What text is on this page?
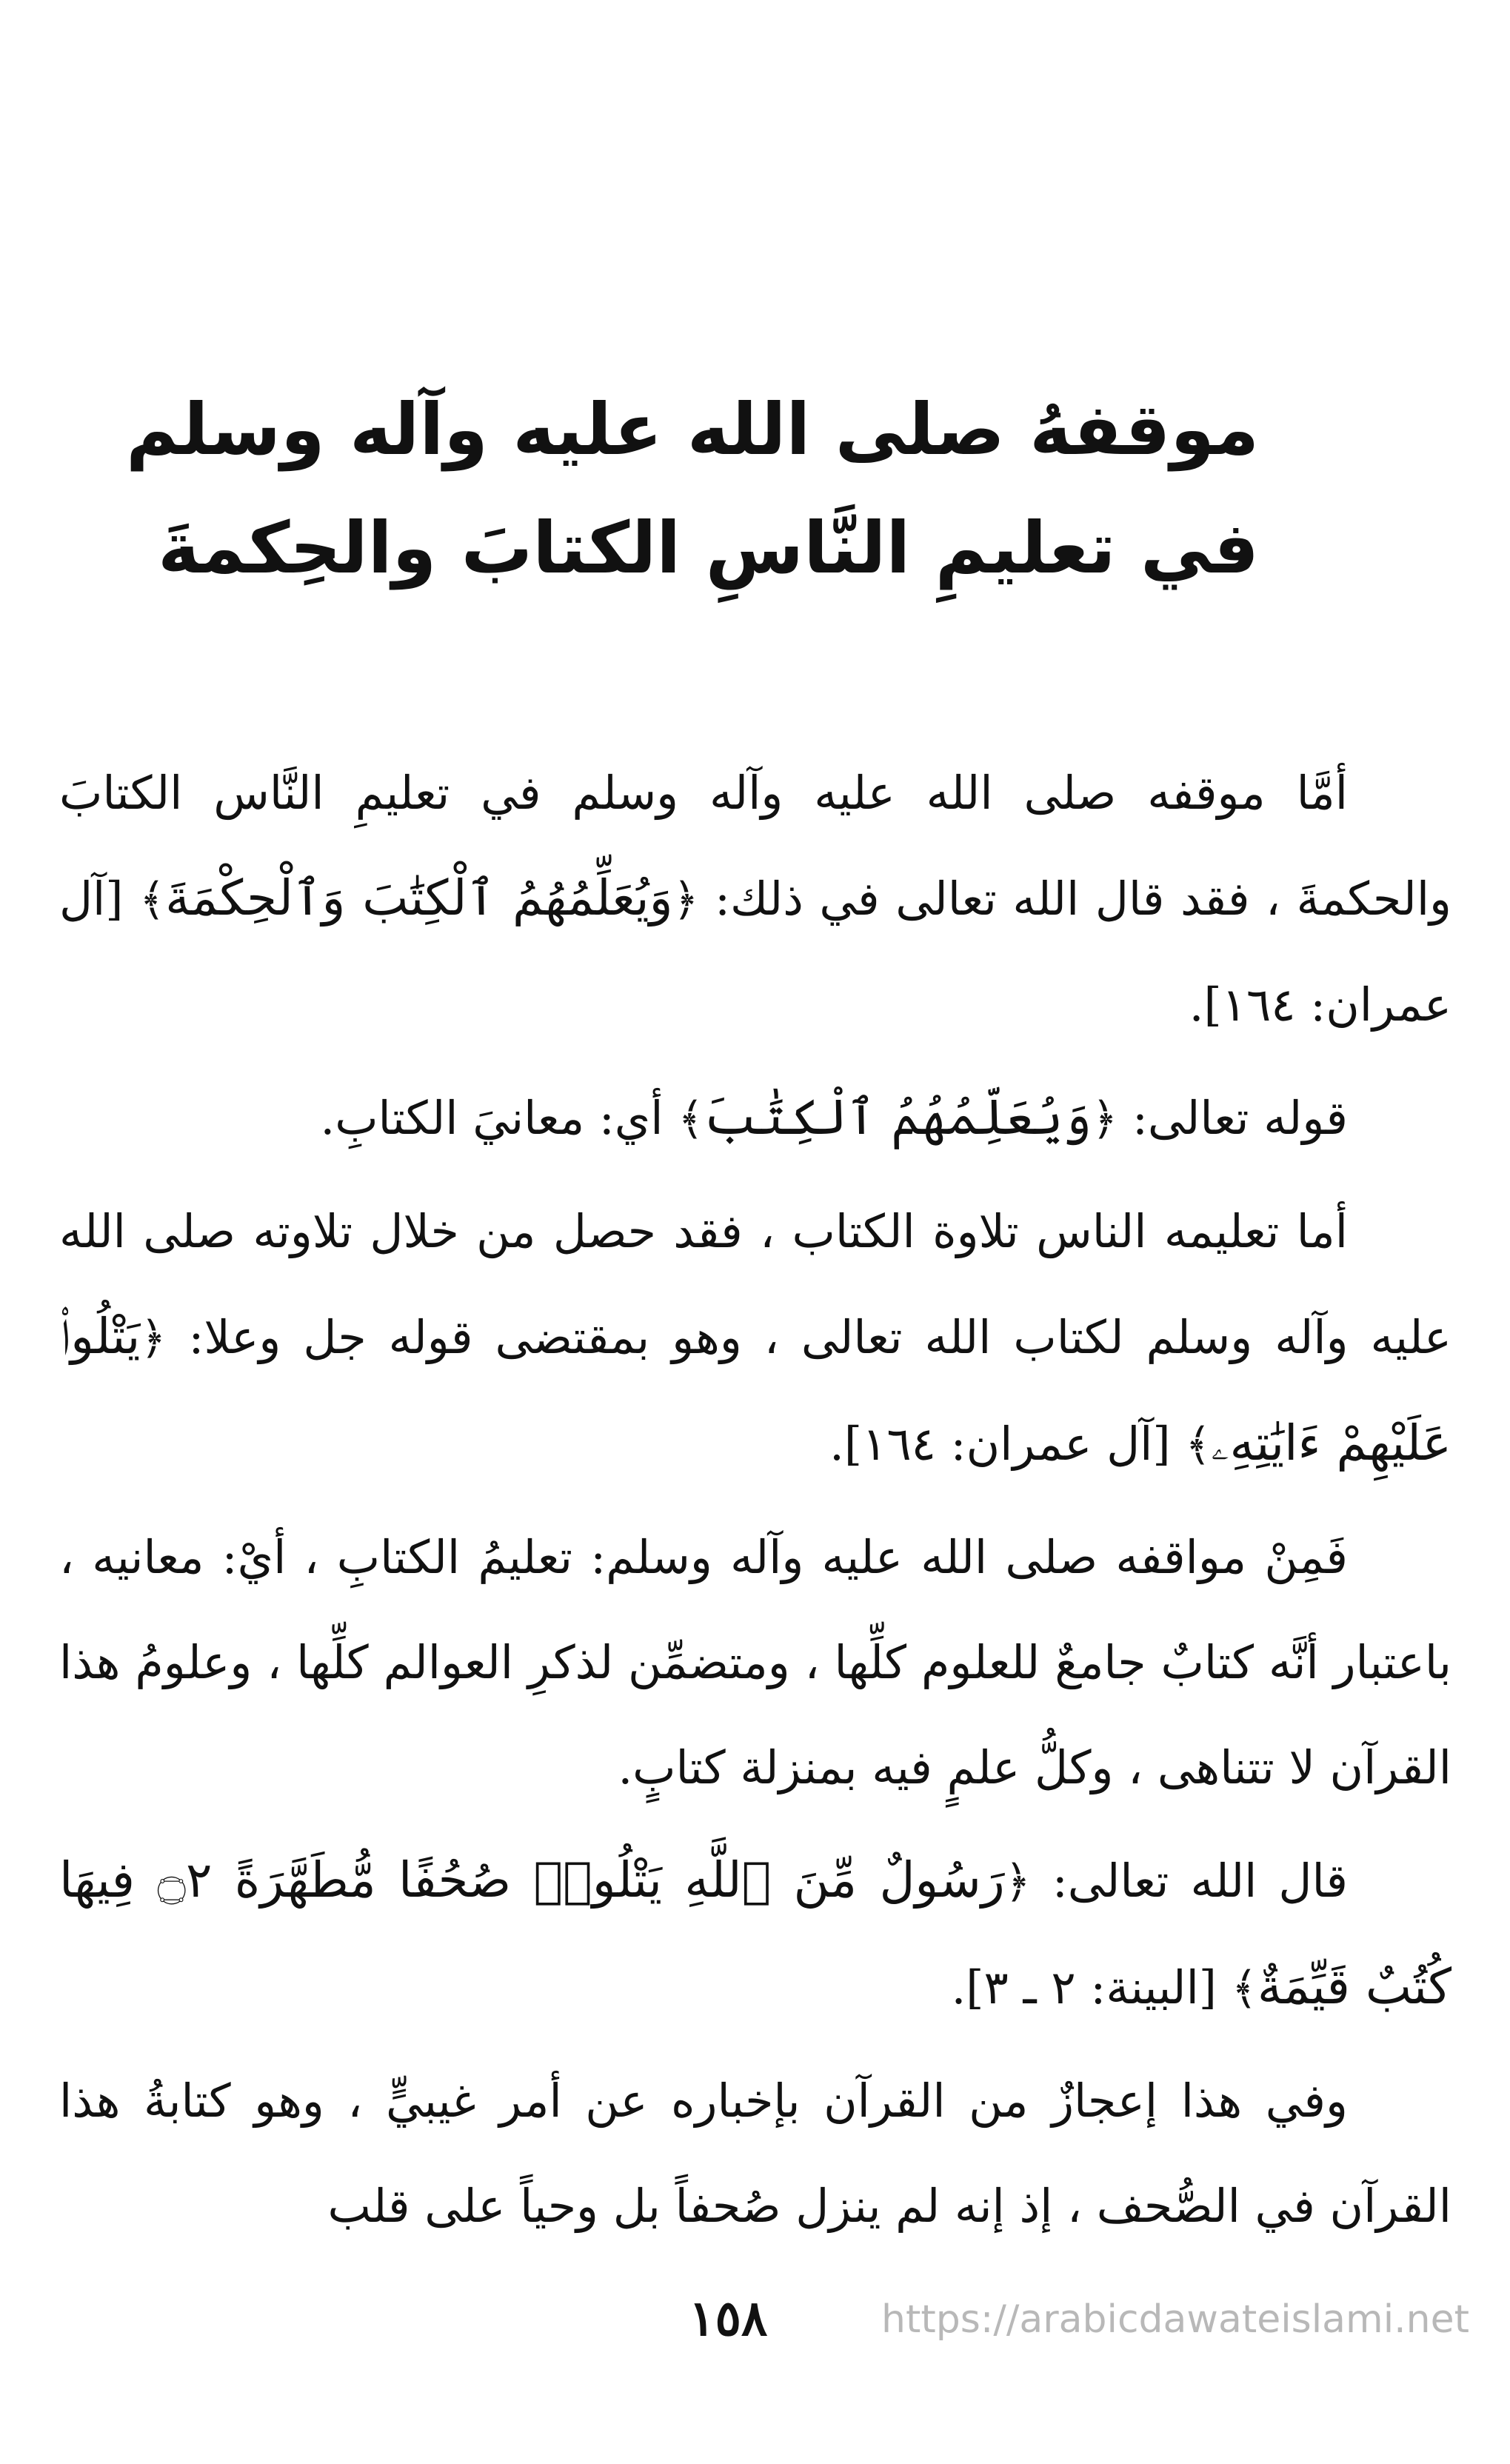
موقفهُ صلى الله عليه وآله وسلم
في تعليمِ النَّاسِ الكتابَ والحِكمةَ

أمَّا موقفه صلى الله عليه وآله وسلم في تعليمِ النَّاس الكتابَ والحكمةَ ، فقد قال الله تعالى في ذلك: ﴿وَيُعَلِّمُهُمُ ٱلْكِتَٰبَ وَٱلْحِكْمَةَ﴾ [آل عمران: ١٦٤].

قوله تعالى: ﴿وَيُعَلِّمُهُمُ ٱلْكِتَٰبَ﴾ أي: معانيَ الكتابِ.

أما تعليمه الناس تلاوة الكتاب ، فقد حصل من خلال تلاوته صلى الله عليه وآله وسلم لكتاب الله تعالى ، وهو بمقتضى قوله جل وعلا: ﴿يَتْلُوا۟ عَلَيْهِمْ ءَايَٰتِهِۦ﴾ [آل عمران: ١٦٤].

فَمِنْ مواقفه صلى الله عليه وآله وسلم: تعليمُ الكتابِ ، أيْ: معانيه ، باعتبار أنَّه كتابٌ جامعٌ للعلوم كلِّها ، ومتضمِّن لذكرِ العوالم كلِّها ، وعلومُ هذا القرآن لا تتناهى ، وكلُّ علمٍ فيه بمنزلة كتابٍ.

قال الله تعالى: ﴿رَسُولٌ مِّنَ ٱللَّهِ يَتْلُوا۟ صُحُفًا مُّطَهَّرَةً ۝٢ فِيهَا كُتُبٌ قَيِّمَةٌ﴾ [البينة: ٢ ـ ٣].

وفي هذا إعجازٌ من القرآن بإخباره عن أمر غيبيٍّ ، وهو كتابةُ هذا القرآن في الصُّحف ، إذ إنه لم ينزل صُحفاً بل وحياً على قلب

١٥٨	https://arabicdawateislami.net
